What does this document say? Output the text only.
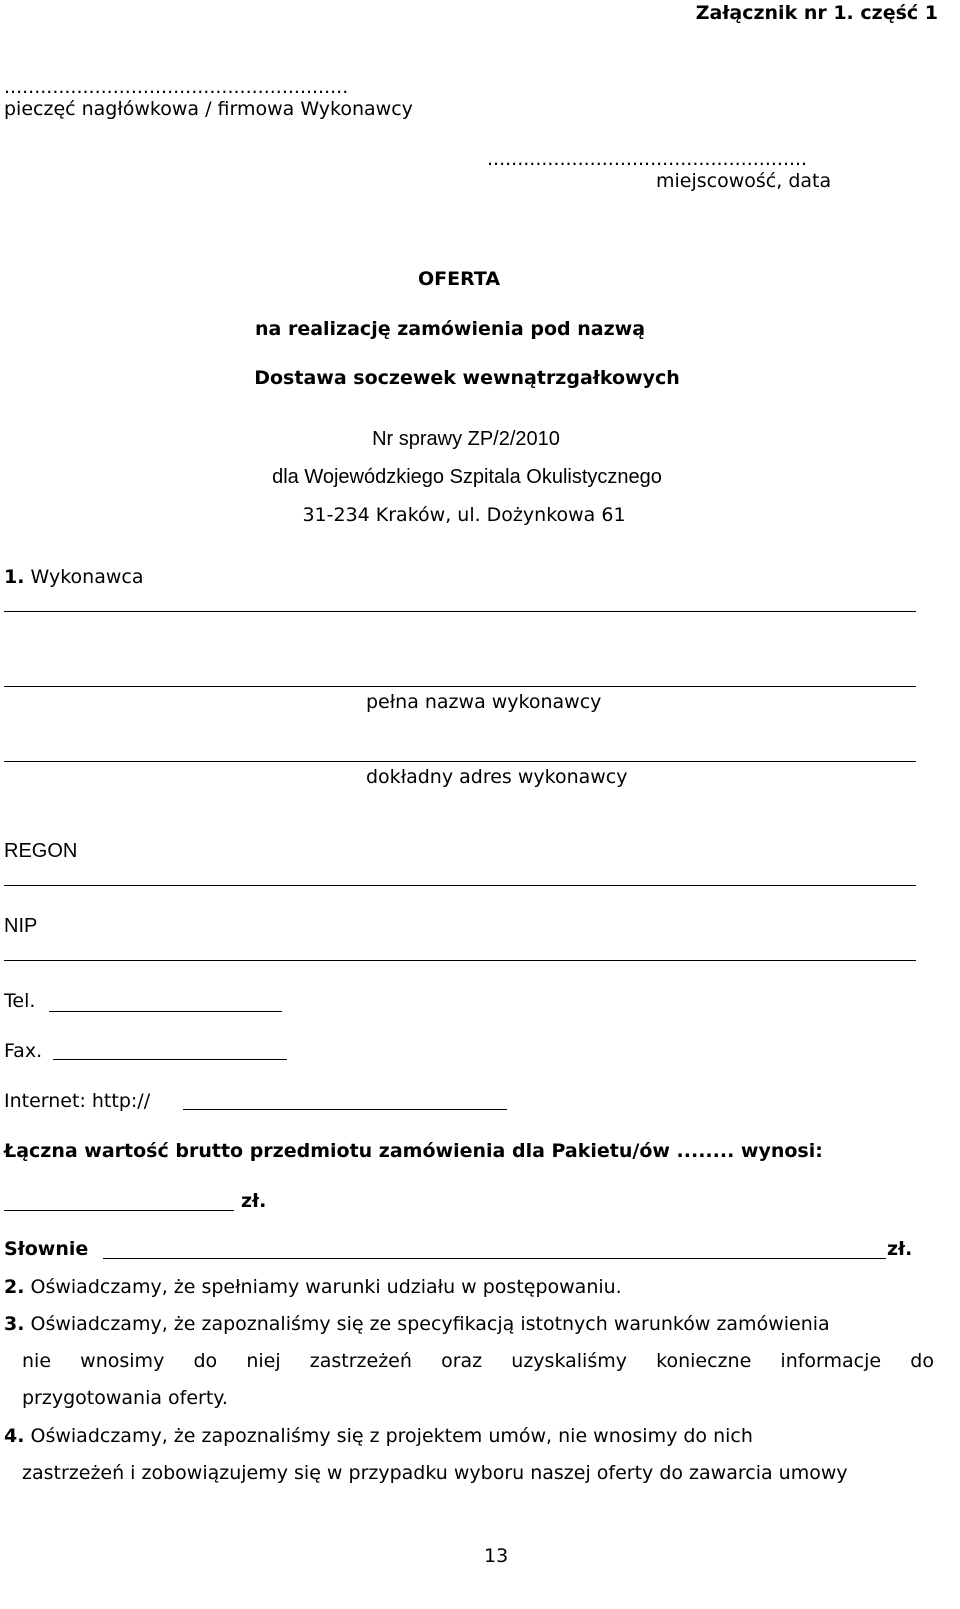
Załącznik nr 1. część 1
.........................................................
pieczęć nagłówkowa / firmowa Wykonawcy
.....................................................
miejscowość, data
OFERTA
na realizację zamówienia pod nazwą
Dostawa soczewek wewnątrzgałkowych
Nr sprawy ZP/2/2010
dla Wojewódzkiego Szpitala Okulistycznego
31-234 Kraków, ul. Dożynkowa 61
1. Wykonawca
pełna nazwa wykonawcy
dokładny adres wykonawcy
REGON
NIP
Tel.
Fax.
Internet: http://
Łączna wartość brutto przedmiotu zamówienia dla Pakietu/ów ........ wynosi:
zł.
Słownie	zł.
2. Oświadczamy, że spełniamy warunki udziału w postępowaniu.
3. Oświadczamy, że zapoznaliśmy się ze specyfikacją istotnych warunków zamówienia
nie wnosimy do niej zastrzeżeń oraz uzyskaliśmy konieczne informacje do
przygotowania oferty.
4. Oświadczamy, że zapoznaliśmy się z projektem umów, nie wnosimy do nich
zastrzeżeń i zobowiązujemy się w przypadku wyboru naszej oferty do zawarcia umowy
13
